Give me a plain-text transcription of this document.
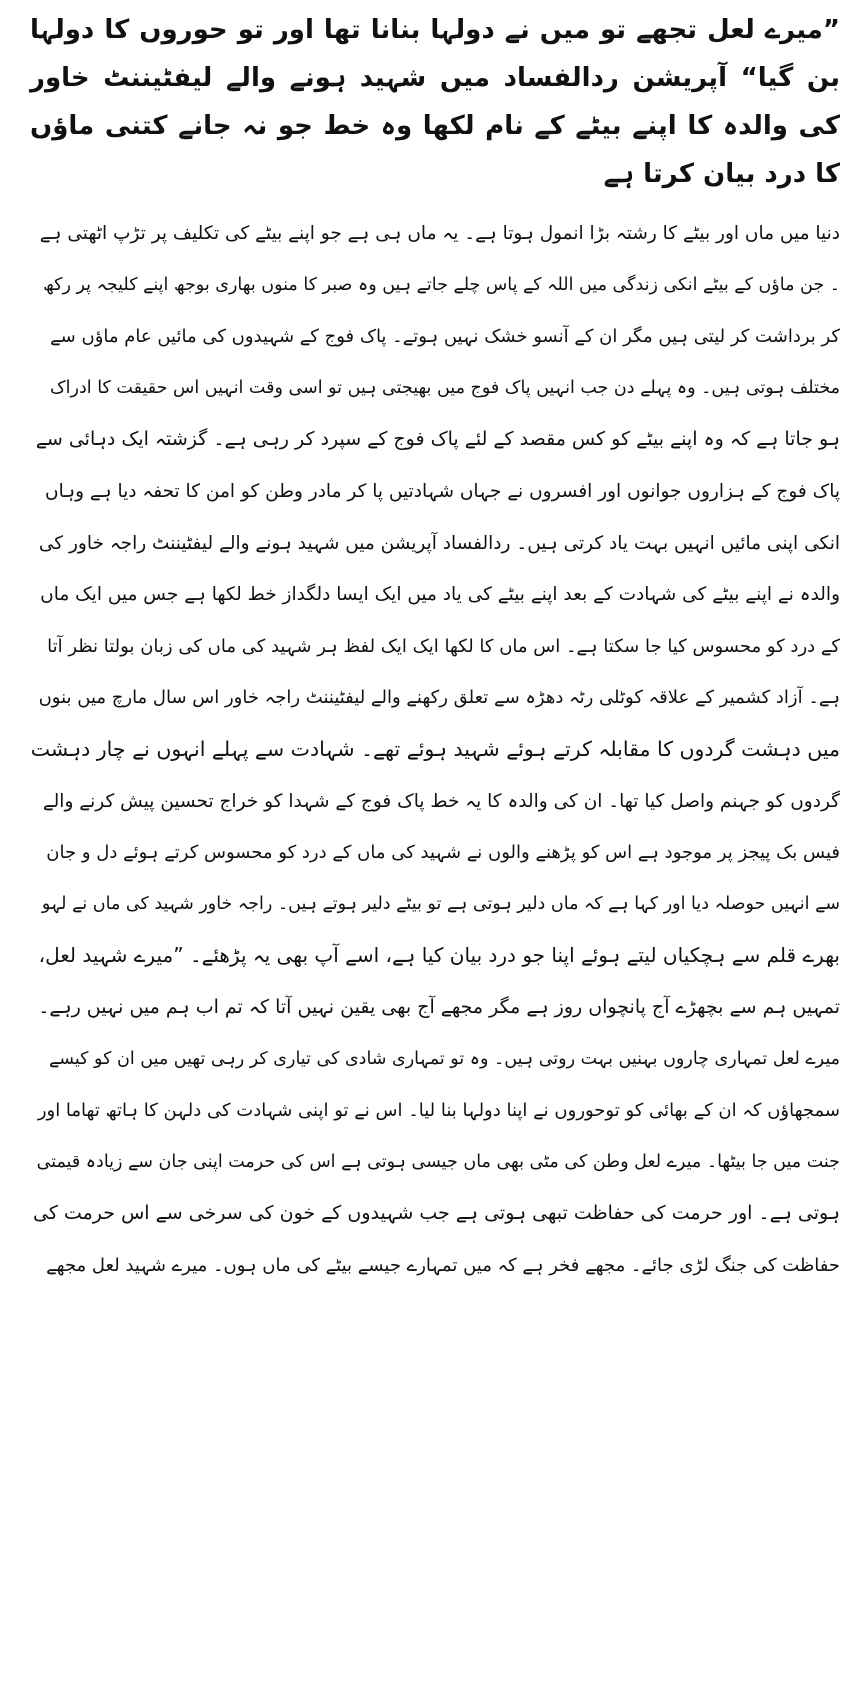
”میرے لعل تجھے تو میں نے دولہا بنانا تھا اور تو حوروں کا دولہا بن گیا“ آپریشن ردالفساد میں شہید ہونے والے لیفٹیننٹ خاور کی والدہ کا اپنے بیٹے کے نام لکھا وہ خط جو نہ جانے کتنی ماؤں کا درد بیان کرتا ہے
دنیا میں ماں اور بیٹے کا رشتہ بڑا انمول ہوتا ہے۔ یہ ماں ہی ہے جو اپنے بیٹے کی تکلیف پر تڑپ اٹھتی ہے
۔ جن ماؤں کے بیٹے انکی زندگی میں اللہ کے پاس چلے جاتے ہیں وہ صبر کا منوں بھاری بوجھ اپنے کلیجہ پر رکھ
کر برداشت کر لیتی ہیں مگر ان کے آنسو خشک نہیں ہوتے۔ پاک فوج کے شہیدوں کی مائیں عام ماؤں سے
مختلف ہوتی ہیں۔ وہ پہلے دن جب انہیں پاک فوج میں بھیجتی ہیں تو اسی وقت انہیں اس حقیقت کا ادراک
ہو جاتا ہے کہ وہ اپنے بیٹے کو کس مقصد کے لئے پاک فوج کے سپرد کر رہی ہے۔ گزشتہ ایک دہائی سے
پاک فوج کے ہزاروں جوانوں اور افسروں نے جہاں شہادتیں پا کر مادر وطن کو امن کا تحفہ دیا ہے وہاں
انکی اپنی مائیں انہیں بہت یاد کرتی ہیں۔ ردالفساد آپریشن میں شہید ہونے والے لیفٹیننٹ راجہ خاور کی
والدہ نے اپنے بیٹے کی شہادت کے بعد اپنے بیٹے کی یاد میں ایک ایسا دلگداز خط لکھا ہے جس میں ایک ماں
کے درد کو محسوس کیا جا سکتا ہے۔ اس ماں کا لکھا ایک ایک لفظ ہر شہید کی ماں کی زبان بولتا نظر آتا
ہے۔ آزاد کشمیر کے علاقہ کوٹلی رٹہ دھڑہ سے تعلق رکھنے والے لیفٹیننٹ راجہ خاور اس سال مارچ میں بنوں
میں دہشت گردوں کا مقابلہ کرتے ہوئے شہید ہوئے تھے۔ شہادت سے پہلے انہوں نے چار دہشت
گردوں کو جہنم واصل کیا تھا۔ ان کی والدہ کا یہ خط پاک فوج کے شہدا کو خراج تحسین پیش کرنے والے
فیس بک پیجز پر موجود ہے اس کو پڑھنے والوں نے شہید کی ماں کے درد کو محسوس کرتے ہوئے دل و جان
سے انہیں حوصلہ دیا اور کہا ہے کہ ماں دلیر ہوتی ہے تو بیٹے دلیر ہوتے ہیں۔ راجہ خاور شہید کی ماں نے لہو
بھرے قلم سے ہچکیاں لیتے ہوئے اپنا جو درد بیان کیا ہے، اسے آپ بھی یہ پڑھئے۔ ”میرے شہید لعل،
تمہیں ہم سے بچھڑے آج پانچواں روز ہے مگر مجھے آج بھی یقین نہیں آتا کہ تم اب ہم میں نہیں رہے۔
میرے لعل تمہاری چاروں بہنیں بہت روتی ہیں۔ وہ تو تمہاری شادی کی تیاری کر رہی تھیں میں ان کو کیسے
سمجھاؤں کہ ان کے بھائی کو توحوروں نے اپنا دولہا بنا لیا۔ اس نے تو اپنی شہادت کی دلہن کا ہاتھ تھاما اور
جنت میں جا بیٹھا۔ میرے لعل وطن کی مٹی بھی ماں جیسی ہوتی ہے اس کی حرمت اپنی جان سے زیادہ قیمتی
ہوتی ہے۔ اور حرمت کی حفاظت تبھی ہوتی ہے جب شہیدوں کے خون کی سرخی سے اس حرمت کی
حفاظت کی جنگ لڑی جائے۔ مجھے فخر ہے کہ میں تمہارے جیسے بیٹے کی ماں ہوں۔ میرے شہید لعل مجھے
